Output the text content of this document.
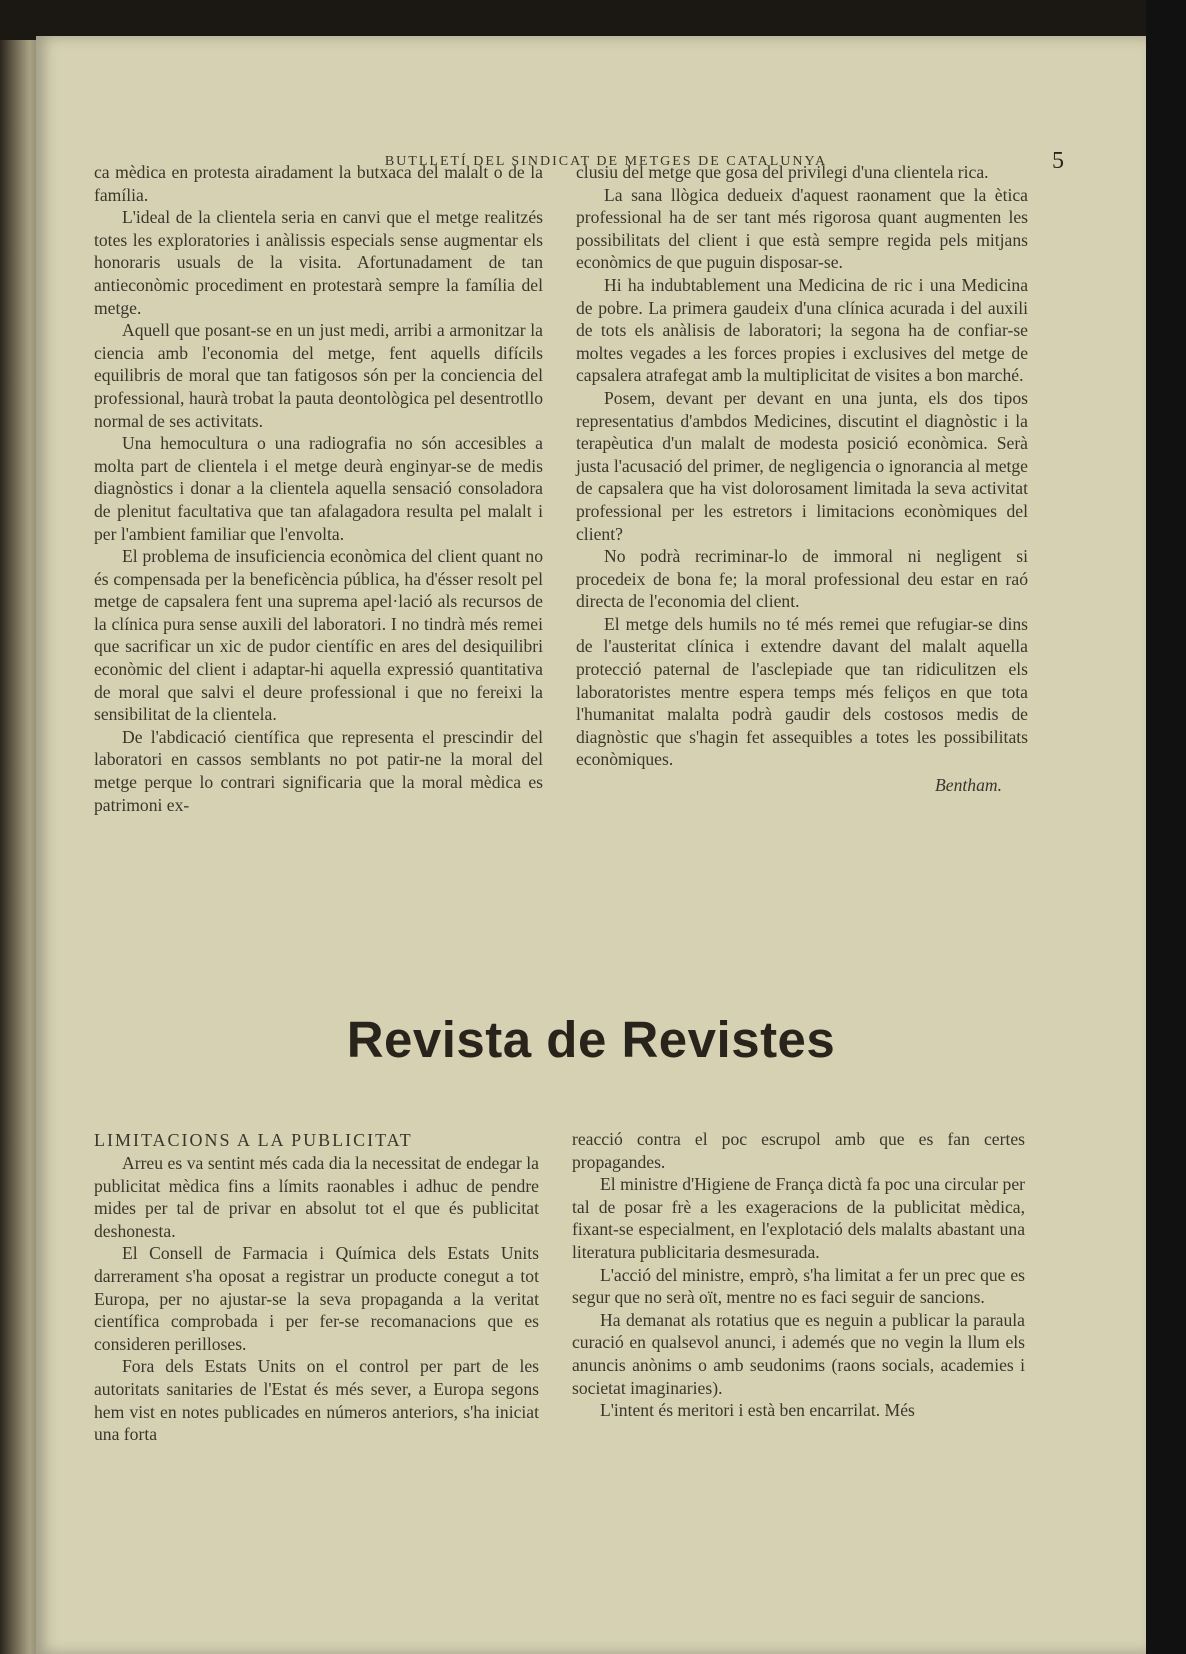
BUTLLETÍ DEL SINDICAT DE METGES DE CATALUNYA	5

ca mèdica en protesta airadament la butxaca del malalt o de la família.

L'ideal de la clientela seria en canvi que el metge realitzés totes les exploratories i anàlissis especials sense augmentar els honoraris usuals de la visita. Afortunadament de tan antieconòmic procediment en protestarà sempre la família del metge.

Aquell que posant-se en un just medi, arribi a armonitzar la ciencia amb l'economia del metge, fent aquells difícils equilibris de moral que tan fatigosos són per la conciencia del professional, haurà trobat la pauta deontològica pel desentrotllo normal de ses activitats.

Una hemocultura o una radiografia no són accesibles a molta part de clientela i el metge deurà enginyar-se de medis diagnòstics i donar a la clientela aquella sensació consoladora de plenitut facultativa que tan afalagadora resulta pel malalt i per l'ambient familiar que l'envolta.

El problema de insuficiencia econòmica del client quant no és compensada per la beneficència pública, ha d'ésser resolt pel metge de capsalera fent una suprema apel·lació als recursos de la clínica pura sense auxili del laboratori. I no tindrà més remei que sacrificar un xic de pudor científic en ares del desiquilibri econòmic del client i adaptar-hi aquella expressió quantitativa de moral que salvi el deure professional i que no fereixi la sensibilitat de la clientela.

De l'abdicació científica que representa el prescindir del laboratori en cassos semblants no pot patir-ne la moral del metge perque lo contrari significaria que la moral mèdica es patrimoni ex-

clusiu del metge que gosa del privilegi d'una clientela rica.

La sana llògica dedueix d'aquest raonament que la ètica professional ha de ser tant més rigorosa quant augmenten les possibilitats del client i que està sempre regida pels mitjans econòmics de que puguin disposar-se.

Hi ha indubtablement una Medicina de ric i una Medicina de pobre. La primera gaudeix d'una clínica acurada i del auxili de tots els anàlisis de laboratori; la segona ha de confiar-se moltes vegades a les forces propies i exclusives del metge de capsalera atrafegat amb la multiplicitat de visites a bon marché.

Posem, devant per devant en una junta, els dos tipos representatius d'ambdos Medicines, discutint el diagnòstic i la terapèutica d'un malalt de modesta posició econòmica. Serà justa l'acusació del primer, de negligencia o ignorancia al metge de capsalera que ha vist dolorosament limitada la seva activitat professional per les estretors i limitacions econòmiques del client?

No podrà recriminar-lo de immoral ni negligent si procedeix de bona fe; la moral professional deu estar en raó directa de l'economia del client.

El metge dels humils no té més remei que refugiar-se dins de l'austeritat clínica i extendre davant del malalt aquella protecció paternal de l'asclepiade que tan ridiculitzen els laboratoristes mentre espera temps més feliços en que tota l'humanitat malalta podrà gaudir dels costosos medis de diagnòstic que s'hagin fet assequibles a totes les possibilitats econòmiques.

Bentham.
Revista de Revistes
LIMITACIONS A LA PUBLICITAT

Arreu es va sentint més cada dia la necessitat de endegar la publicitat mèdica fins a límits raonables i adhuc de pendre mides per tal de privar en absolut tot el que és publicitat deshonesta.

El Consell de Farmacia i Química dels Estats Units darrerament s'ha oposat a registrar un producte conegut a tot Europa, per no ajustar-se la seva propaganda a la veritat científica comprobada i per fer-se recomanacions que es consideren perilloses.

Fora dels Estats Units on el control per part de les autoritats sanitaries de l'Estat és més sever, a Europa segons hem vist en notes publicades en números anteriors, s'ha iniciat una forta

reacció contra el poc escrupol amb que es fan certes propagandes.

El ministre d'Higiene de França dictà fa poc una circular per tal de posar frè a les exageracions de la publicitat mèdica, fixant-se especialment, en l'explotació dels malalts abastant una literatura publicitaria desmesurada.

L'acció del ministre, emprò, s'ha limitat a fer un prec que es segur que no serà oït, mentre no es faci seguir de sancions.

Ha demanat als rotatius que es neguin a publicar la paraula curació en qualsevol anunci, i ademés que no vegin la llum els anuncis anònims o amb seudonims (raons socials, academies i societat imaginaries).

L'intent és meritori i està ben encarrilat. Més
